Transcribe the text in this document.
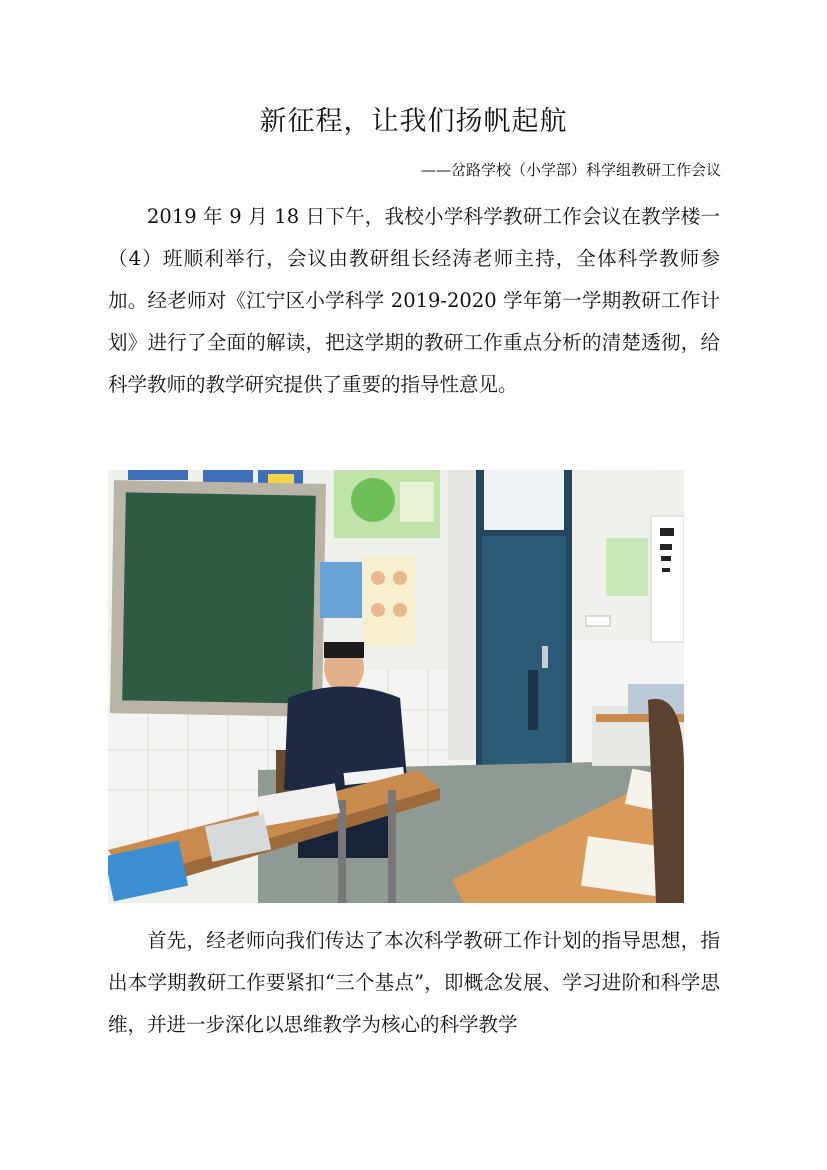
新征程，让我们扬帆起航

——岔路学校（小学部）科学组教研工作会议

2019 年 9 月 18 日下午，我校小学科学教研工作会议在教学楼一（4）班顺利举行，会议由教研组长经涛老师主持，全体科学教师参加。经老师对《江宁区小学科学 2019-2020 学年第一学期教研工作计划》进行了全面的解读，把这学期的教研工作重点分析的清楚透彻，给科学教师的教学研究提供了重要的指导性意见。

首先，经老师向我们传达了本次科学教研工作计划的指导思想，指出本学期教研工作要紧扣“三个基点”，即概念发展、学习进阶和科学思维，并进一步深化以思维教学为核心的科学教学
